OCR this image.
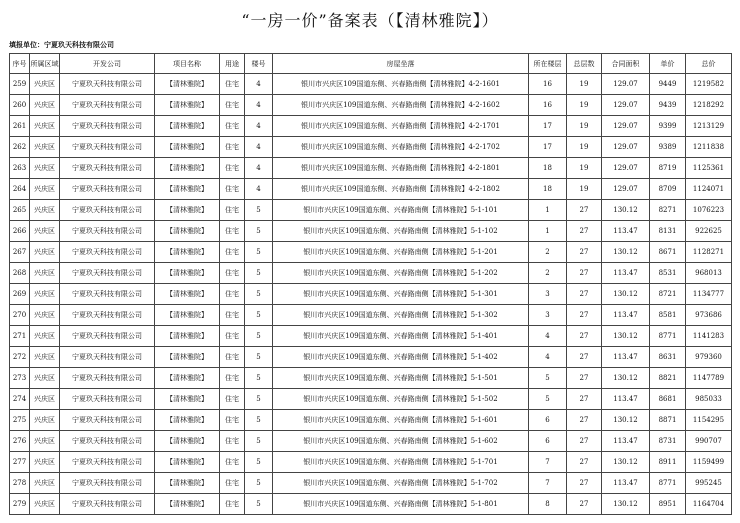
“一房一价”备案表（【清林雅院】）
填报单位：宁夏玖天科技有限公司
序号	所属区域	开发公司	项目名称	用途	楼号	房屋坐落	所在楼层	总层数	合同面积	单价	总价
259	兴庆区	宁夏玖天科技有限公司	【清林雅院】	住宅	4	银川市兴庆区109国道东侧、兴春路南侧【清林雅院】4-2-1601	16	19	129.07	9449	1219582
260	兴庆区	宁夏玖天科技有限公司	【清林雅院】	住宅	4	银川市兴庆区109国道东侧、兴春路南侧【清林雅院】4-2-1602	16	19	129.07	9439	1218292
261	兴庆区	宁夏玖天科技有限公司	【清林雅院】	住宅	4	银川市兴庆区109国道东侧、兴春路南侧【清林雅院】4-2-1701	17	19	129.07	9399	1213129
262	兴庆区	宁夏玖天科技有限公司	【清林雅院】	住宅	4	银川市兴庆区109国道东侧、兴春路南侧【清林雅院】4-2-1702	17	19	129.07	9389	1211838
263	兴庆区	宁夏玖天科技有限公司	【清林雅院】	住宅	4	银川市兴庆区109国道东侧、兴春路南侧【清林雅院】4-2-1801	18	19	129.07	8719	1125361
264	兴庆区	宁夏玖天科技有限公司	【清林雅院】	住宅	4	银川市兴庆区109国道东侧、兴春路南侧【清林雅院】4-2-1802	18	19	129.07	8709	1124071
265	兴庆区	宁夏玖天科技有限公司	【清林雅院】	住宅	5	银川市兴庆区109国道东侧、兴春路南侧【清林雅院】5-1-101	1	27	130.12	8271	1076223
266	兴庆区	宁夏玖天科技有限公司	【清林雅院】	住宅	5	银川市兴庆区109国道东侧、兴春路南侧【清林雅院】5-1-102	1	27	113.47	8131	922625
267	兴庆区	宁夏玖天科技有限公司	【清林雅院】	住宅	5	银川市兴庆区109国道东侧、兴春路南侧【清林雅院】5-1-201	2	27	130.12	8671	1128271
268	兴庆区	宁夏玖天科技有限公司	【清林雅院】	住宅	5	银川市兴庆区109国道东侧、兴春路南侧【清林雅院】5-1-202	2	27	113.47	8531	968013
269	兴庆区	宁夏玖天科技有限公司	【清林雅院】	住宅	5	银川市兴庆区109国道东侧、兴春路南侧【清林雅院】5-1-301	3	27	130.12	8721	1134777
270	兴庆区	宁夏玖天科技有限公司	【清林雅院】	住宅	5	银川市兴庆区109国道东侧、兴春路南侧【清林雅院】5-1-302	3	27	113.47	8581	973686
271	兴庆区	宁夏玖天科技有限公司	【清林雅院】	住宅	5	银川市兴庆区109国道东侧、兴春路南侧【清林雅院】5-1-401	4	27	130.12	8771	1141283
272	兴庆区	宁夏玖天科技有限公司	【清林雅院】	住宅	5	银川市兴庆区109国道东侧、兴春路南侧【清林雅院】5-1-402	4	27	113.47	8631	979360
273	兴庆区	宁夏玖天科技有限公司	【清林雅院】	住宅	5	银川市兴庆区109国道东侧、兴春路南侧【清林雅院】5-1-501	5	27	130.12	8821	1147789
274	兴庆区	宁夏玖天科技有限公司	【清林雅院】	住宅	5	银川市兴庆区109国道东侧、兴春路南侧【清林雅院】5-1-502	5	27	113.47	8681	985033
275	兴庆区	宁夏玖天科技有限公司	【清林雅院】	住宅	5	银川市兴庆区109国道东侧、兴春路南侧【清林雅院】5-1-601	6	27	130.12	8871	1154295
276	兴庆区	宁夏玖天科技有限公司	【清林雅院】	住宅	5	银川市兴庆区109国道东侧、兴春路南侧【清林雅院】5-1-602	6	27	113.47	8731	990707
277	兴庆区	宁夏玖天科技有限公司	【清林雅院】	住宅	5	银川市兴庆区109国道东侧、兴春路南侧【清林雅院】5-1-701	7	27	130.12	8911	1159499
278	兴庆区	宁夏玖天科技有限公司	【清林雅院】	住宅	5	银川市兴庆区109国道东侧、兴春路南侧【清林雅院】5-1-702	7	27	113.47	8771	995245
279	兴庆区	宁夏玖天科技有限公司	【清林雅院】	住宅	5	银川市兴庆区109国道东侧、兴春路南侧【清林雅院】5-1-801	8	27	130.12	8951	1164704
